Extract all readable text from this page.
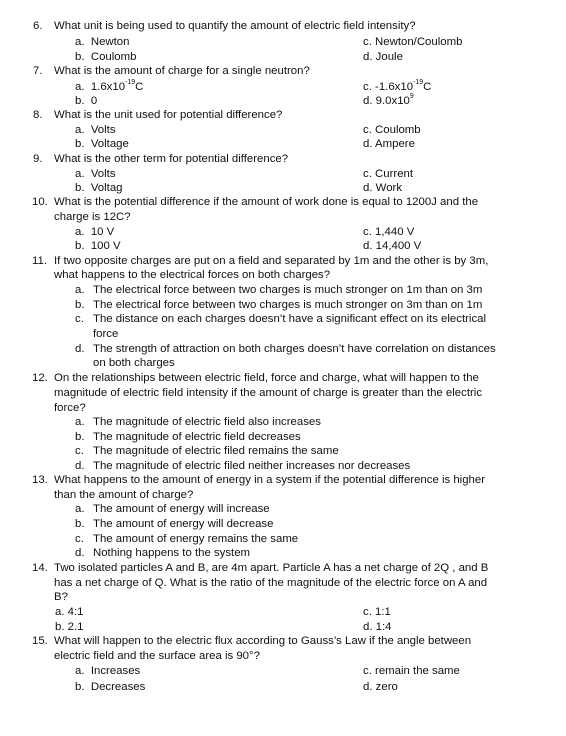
6. What unit is being used to quantify the amount of electric field intensity?
a. Newton	c. Newton/Coulomb
b. Coulomb	d. Joule
7. What is the amount of charge for a single neutron?
a. $1.6x10^{-19}C$	c. $-1.6x10^{-19}C$
b. 0	d. $9.0x10^9$
8. What is the unit used for potential difference?
a. Volts	c. Coulomb
b. Voltage	d. Ampere
9. What is the other term for potential difference?
a. Volts	c. Current
b. Voltag	d. Work
10. What is the potential difference if the amount of work done is equal to 1200J and the
charge is 12C?
a. 10 V	c. 1,440 V
b. 100 V	d. 14,400 V
11. If two opposite charges are put on a field and separated by 1m and the other is by 3m,
what happens to the electrical forces on both charges?
a. The electrical force between two charges is much stronger on 1m than on 3m
b. The electrical force between two charges is much stronger on 3m than on 1m
c. The distance on each charges doesn’t have a significant effect on its electrical
force
d. The strength of attraction on both charges doesn’t have correlation on distances
on both charges
12. On the relationships between electric field, force and charge, what will happen to the
magnitude of electric field intensity if the amount of charge is greater than the electric
force?
a. The magnitude of electric field also increases
b. The magnitude of electric field decreases
c. The magnitude of electric filed remains the same
d. The magnitude of electric filed neither increases nor decreases
13. What happens to the amount of energy in a system if the potential difference is higher
than the amount of charge?
a. The amount of energy will increase
b. The amount of energy will decrease
c. The amount of energy remains the same
d. Nothing happens to the system
14. Two isolated particles A and B, are 4m apart. Particle A has a net charge of 2Q , and B
has a net charge of Q. What is the ratio of the magnitude of the electric force on A and
B?
a. 4:1	c. 1:1
b. 2.1	d. 1:4
15. What will happen to the electric flux according to Gauss’s Law if the angle between
electric field and the surface area is 90°?
a. Increases	c. remain the same
b. Decreases	d. zero
